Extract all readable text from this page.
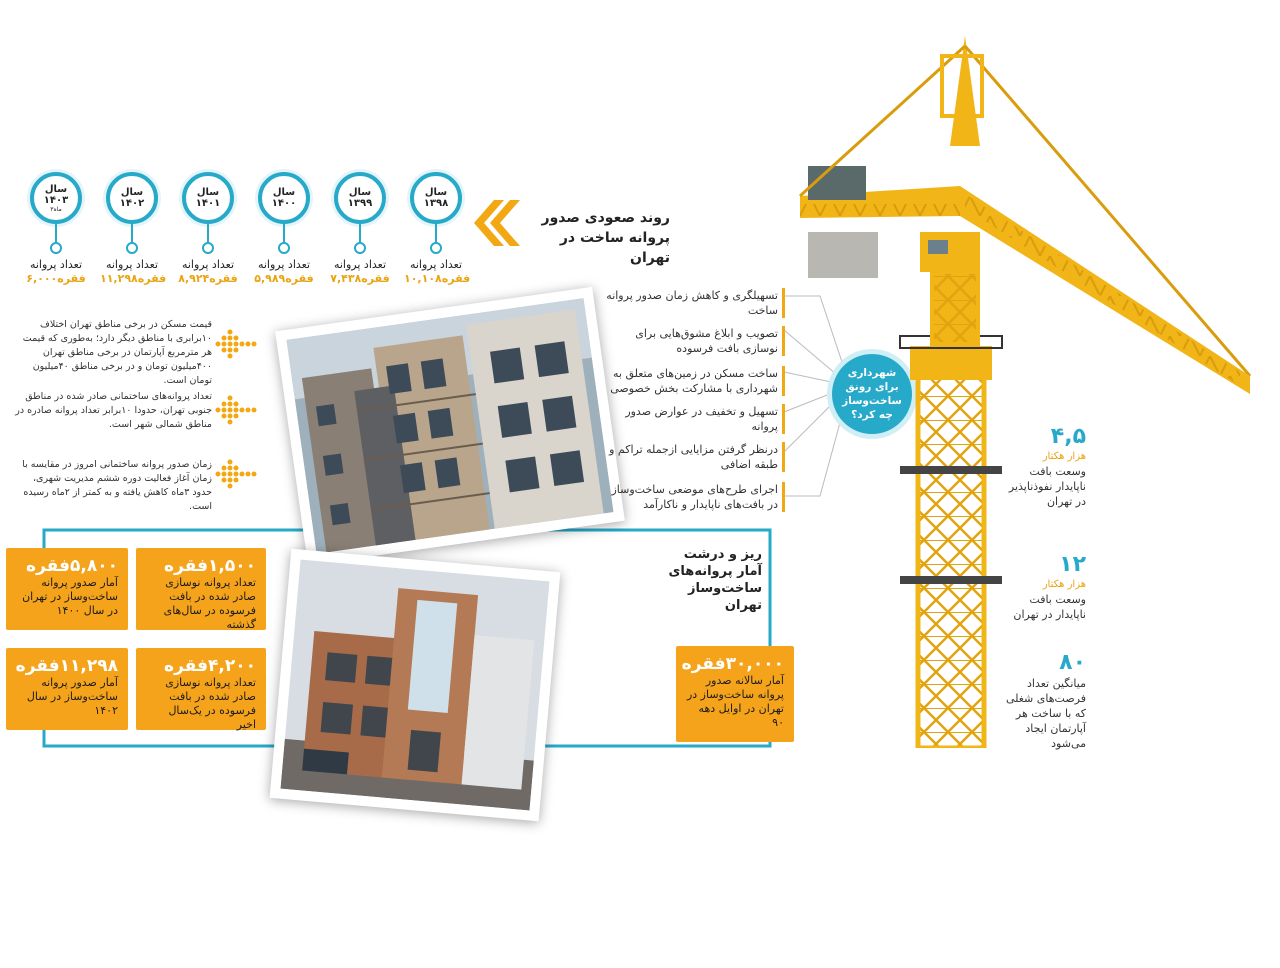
سال
۱۳۹۸
تعداد پروانه
۱۰,۱۰۸فقره
سال
۱۳۹۹
تعداد پروانه
۷,۴۳۸فقره
سال
۱۴۰۰
تعداد پروانه
۵,۹۸۹فقره
سال
۱۴۰۱
تعداد پروانه
۸,۹۲۴فقره
سال
۱۴۰۲
تعداد پروانه
۱۱,۲۹۸فقره
سال
۱۴۰۳
۳ماه
تعداد پروانه
۶,۰۰۰فقره
روند صعودی صدور
پروانه ساخت در تهران
قیمت مسکن در برخی مناطق تهران اختلاف ۱۰برابری با مناطق دیگر دارد؛ به‌طوری که قیمت هر مترمربع آپارتمان در برخی مناطق تهران ۴۰۰میلیون تومان و در برخی مناطق ۴۰میلیون تومان است.
تعداد پروانه‌های ساختمانی صادر شده در مناطق جنوبی تهران، حدودا ۱۰برابر تعداد پروانه صادره در مناطق شمالی شهر است.
زمان صدور پروانه ساختمانی امروز در مقایسه با زمان آغاز فعالیت دوره ششم مدیریت شهری، حدود ۳ماه کاهش یافته و به کمتر از ۲ماه رسیده است.
۵,۸۰۰فقره
آمار صدور پروانه ساخت‌وساز در تهران در سال ۱۴۰۰
۱,۵۰۰فقره
تعداد پروانه نوسازی صادر شده در بافت فرسوده در سال‌های گذشته
۱۱,۲۹۸فقره
آمار صدور پروانه ساخت‌وساز در سال ۱۴۰۲
۴,۲۰۰فقره
تعداد پروانه نوسازی صادر شده در بافت فرسوده در یک‌سال اخیر
ریز و درشت آمار پروانه‌های ساخت‌وساز تهران
۳۰,۰۰۰فقره
آمار سالانه صدور پروانه ساخت‌وساز در تهران در اوایل دهه ۹۰
تسهیلگری و کاهش زمان صدور پروانه ساخت
تصویب و ابلاغ مشوق‌هایی برای نوسازی بافت فرسوده
ساخت مسکن در زمین‌های متعلق به شهرداری با مشارکت بخش خصوصی
تسهیل و تخفیف در عوارض صدور پروانه
درنظر گرفتن مزایایی ازجمله تراکم و طبقه اضافی
اجرای طرح‌های موضعی ساخت‌وساز در بافت‌های ناپایدار و ناکارآمد
شهرداری برای رونق ساخت‌وساز چه کرد؟
۴,۵
هزار هکتار
وسعت بافت ناپایدار نفوذناپذیر در تهران
۱۲
هزار هکتار
وسعت بافت ناپایدار در تهران
۸۰
میانگین تعداد فرصت‌های شغلی که با ساخت هر آپارتمان ایجاد می‌شود
